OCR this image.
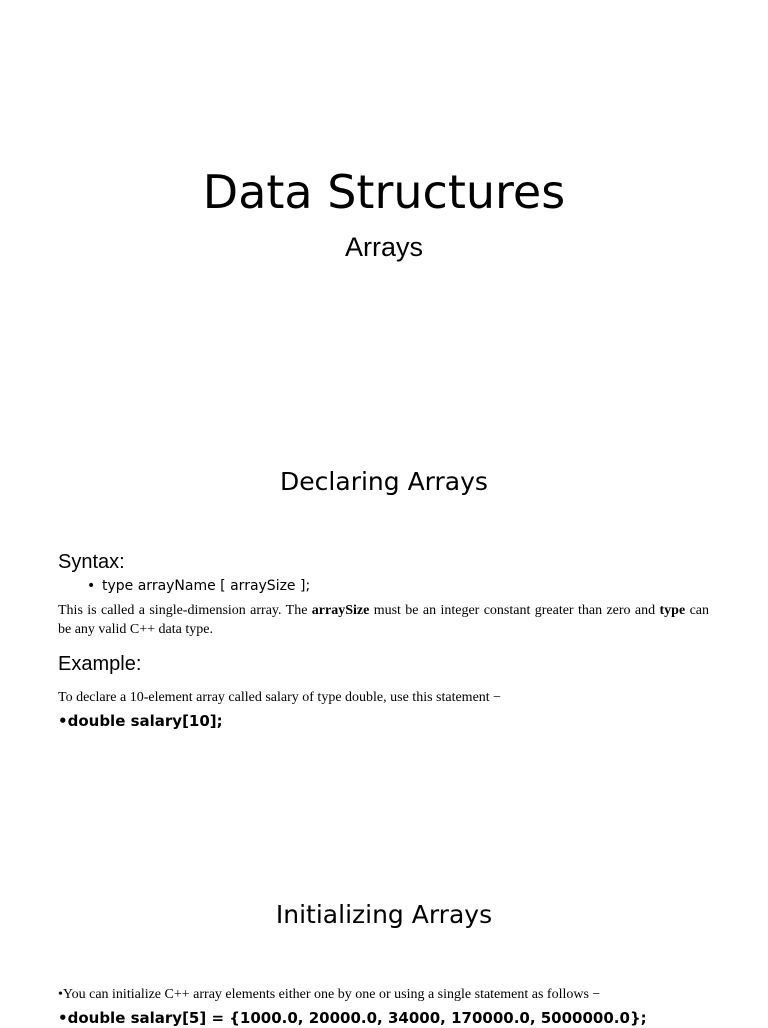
Data Structures
Arrays
Declaring Arrays
Syntax:
• type arrayName [ arraySize ];
This is called a single-dimension array. The arraySize must be an integer constant greater than zero and type can be any valid C++ data type.
Example:
To declare a 10-element array called salary of type double, use this statement −
•double salary[10];
Initializing Arrays
•You can initialize C++ array elements either one by one or using a single statement as follows −
•double salary[5] = {1000.0, 20000.0, 34000, 170000.0, 5000000.0};
